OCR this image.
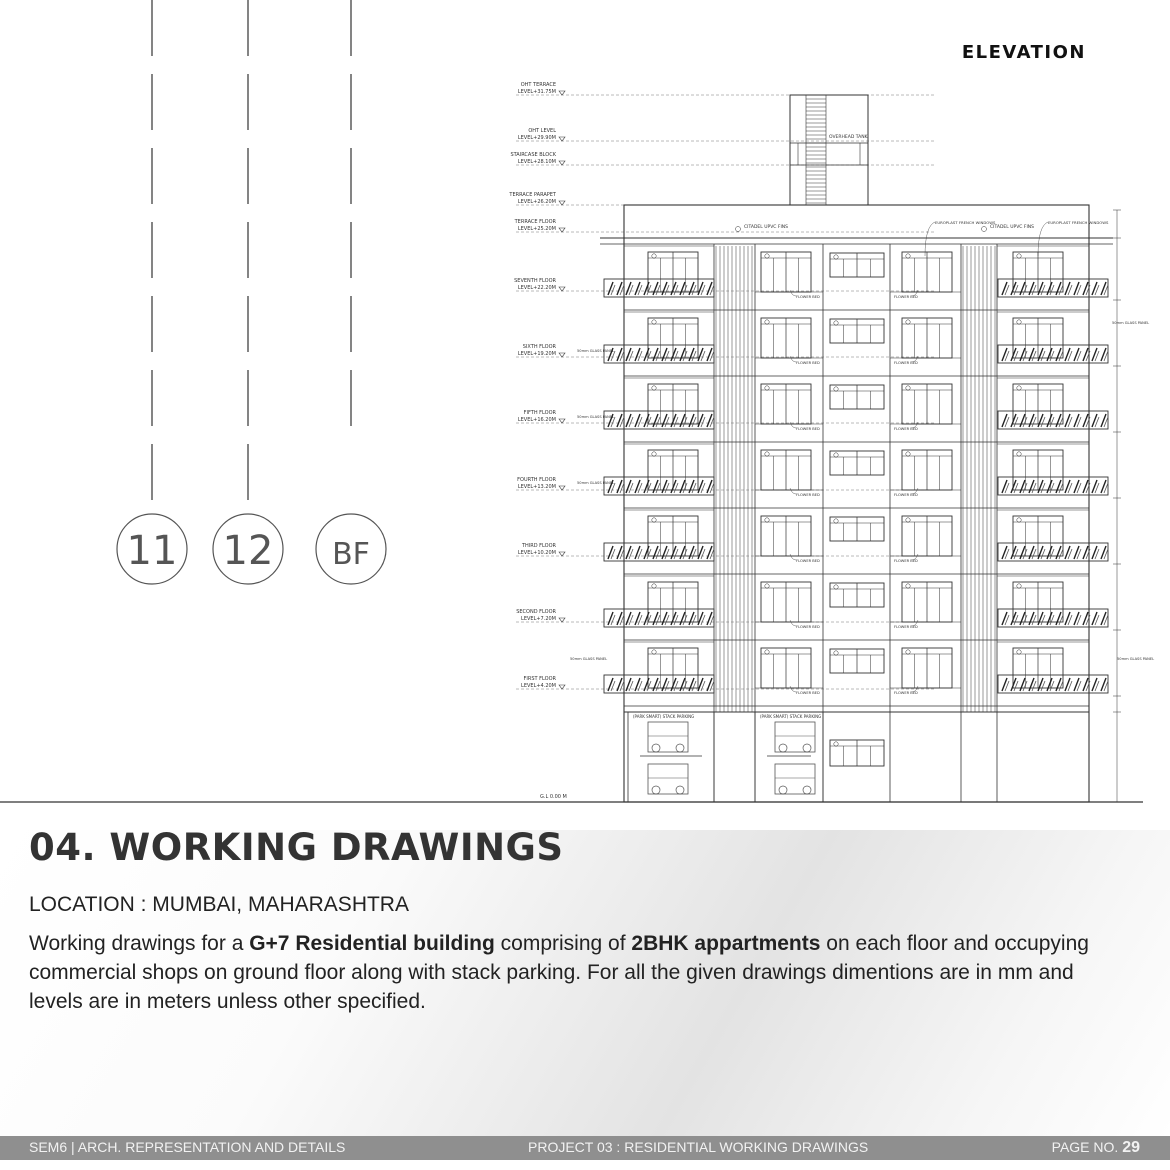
11 12 BF
OHT TERRACE
LEVEL+31.75M
OHT LEVEL
LEVEL+29.90M
STAIRCASE BLOCK
LEVEL+28.10M
TERRACE PARAPET
LEVEL+26.20M
TERRACE FLOOR
LEVEL+25.20M
SEVENTH FLOOR
LEVEL+22.20M
SIXTH FLOOR
LEVEL+19.20M
FIFTH FLOOR
LEVEL+16.20M
FOURTH FLOOR
LEVEL+13.20M
THIRD FLOOR
LEVEL+10.20M
SECOND FLOOR
LEVEL+7.20M
FIRST FLOOR
LEVEL+4.20M
G.L 0.00 M
FLOWER BED	FLOWER BED
FLOWER BED	FLOWER BED
FLOWER BED	FLOWER BED
FLOWER BED	FLOWER BED
FLOWER BED	FLOWER BED
FLOWER BED	FLOWER BED
FLOWER BED	FLOWER BED
(PARK SMART) STACK PARKING	(PARK SMART) STACK PARKING
OVERHEAD TANK
CITADEL UPVC FINS	CITADEL UPVC FINS
EUROPLAST FRENCH WINDOWS	EUROPLAST FRENCH WINDOWS
50mm GLASS PANEL
50mm GLASS PANEL
50mm GLASS PANEL
50mm GLASS PANEL
50mm GLASS PANEL
50mm GLASS PANEL
ELEVATION
04. WORKING DRAWINGS
LOCATION : MUMBAI, MAHARASHTRA

Working drawings for a G+7 Residential building comprising of 2BHK appartments on each floor and occupying commercial shops on ground floor along with stack parking. For all the given drawings dimentions are in mm and levels are in meters unless other specified.

SEM6 | ARCH. REPRESENTATION AND DETAILS	PROJECT 03 : RESIDENTIAL WORKING DRAWINGS	PAGE NO. 29
